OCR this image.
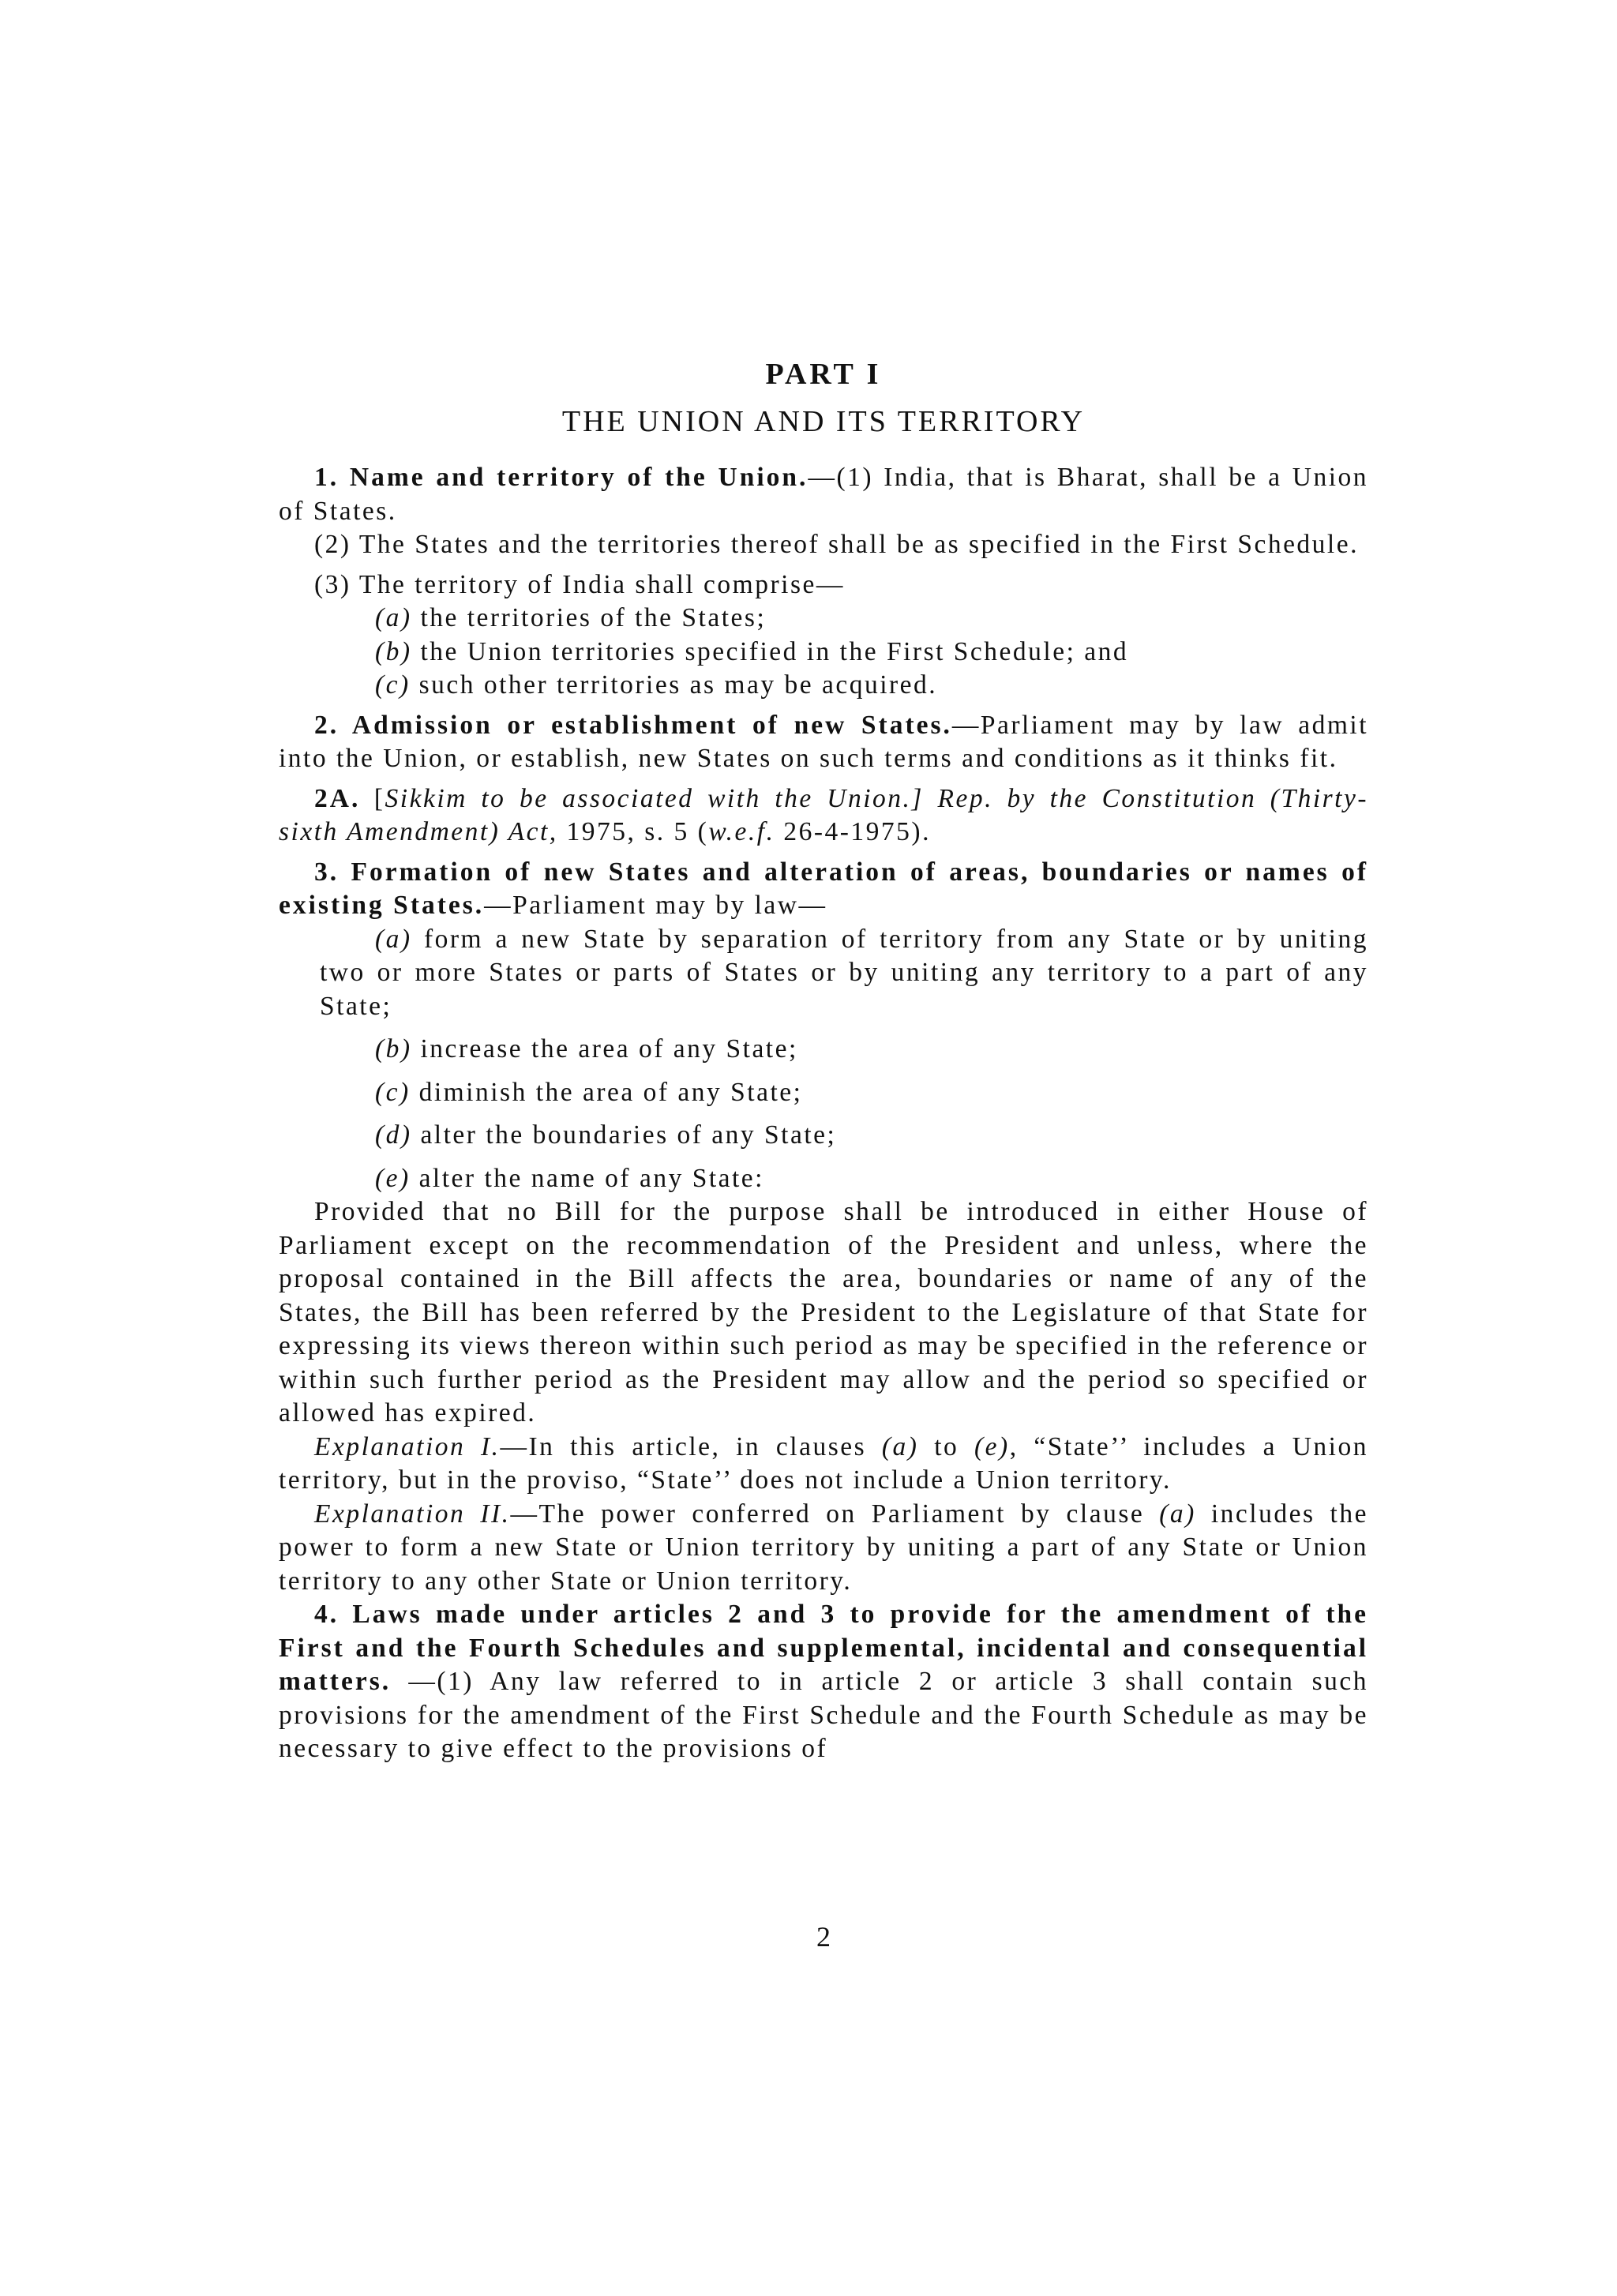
PART I
THE UNION AND ITS TERRITORY

1. Name and territory of the Union.—(1) India, that is Bharat, shall be a Union of States.

(2) The States and the territories thereof shall be as specified in the First Schedule.

(3) The territory of India shall comprise—

(a) the territories of the States;

(b) the Union territories specified in the First Schedule; and

(c) such other territories as may be acquired.

2. Admission or establishment of new States.—Parliament may by law admit into the Union, or establish, new States on such terms and conditions as it thinks fit.

2A. [Sikkim to be associated with the Union.] Rep. by the Constitution (Thirty- sixth Amendment) Act, 1975, s. 5 (w.e.f. 26-4-1975).

3. Formation of new States and alteration of areas, boundaries or names of existing States.—Parliament may by law—

(a) form a new State by separation of territory from any State or by uniting two or more States or parts of States or by uniting any territory to a part of any State;

(b) increase the area of any State;

(c) diminish the area of any State;

(d) alter the boundaries of any State;

(e) alter the name of any State:

Provided that no Bill for the purpose shall be introduced in either House of Parliament except on the recommendation of the President and unless, where the proposal contained in the Bill affects the area, boundaries or name of any of the States, the Bill has been referred by the President to the Legislature of that State for expressing its views thereon within such period as may be specified in the reference or within such further period as the President may allow and the period so specified or allowed has expired.

Explanation I.—In this article, in clauses (a) to (e), “State’’ includes a Union territory, but in the proviso, “State’’ does not include a Union territory.

Explanation II.—The power conferred on Parliament by clause (a) includes the power to form a new State or Union territory by uniting a part of any State or Union territory to any other State or Union territory.

4. Laws made under articles 2 and 3 to provide for the amendment of the First and the Fourth Schedules and supplemental, incidental and consequential matters. —(1) Any law referred to in article 2 or article 3 shall contain such provisions for the amendment of the First Schedule and the Fourth Schedule as may be necessary to give effect to the provisions of

2
